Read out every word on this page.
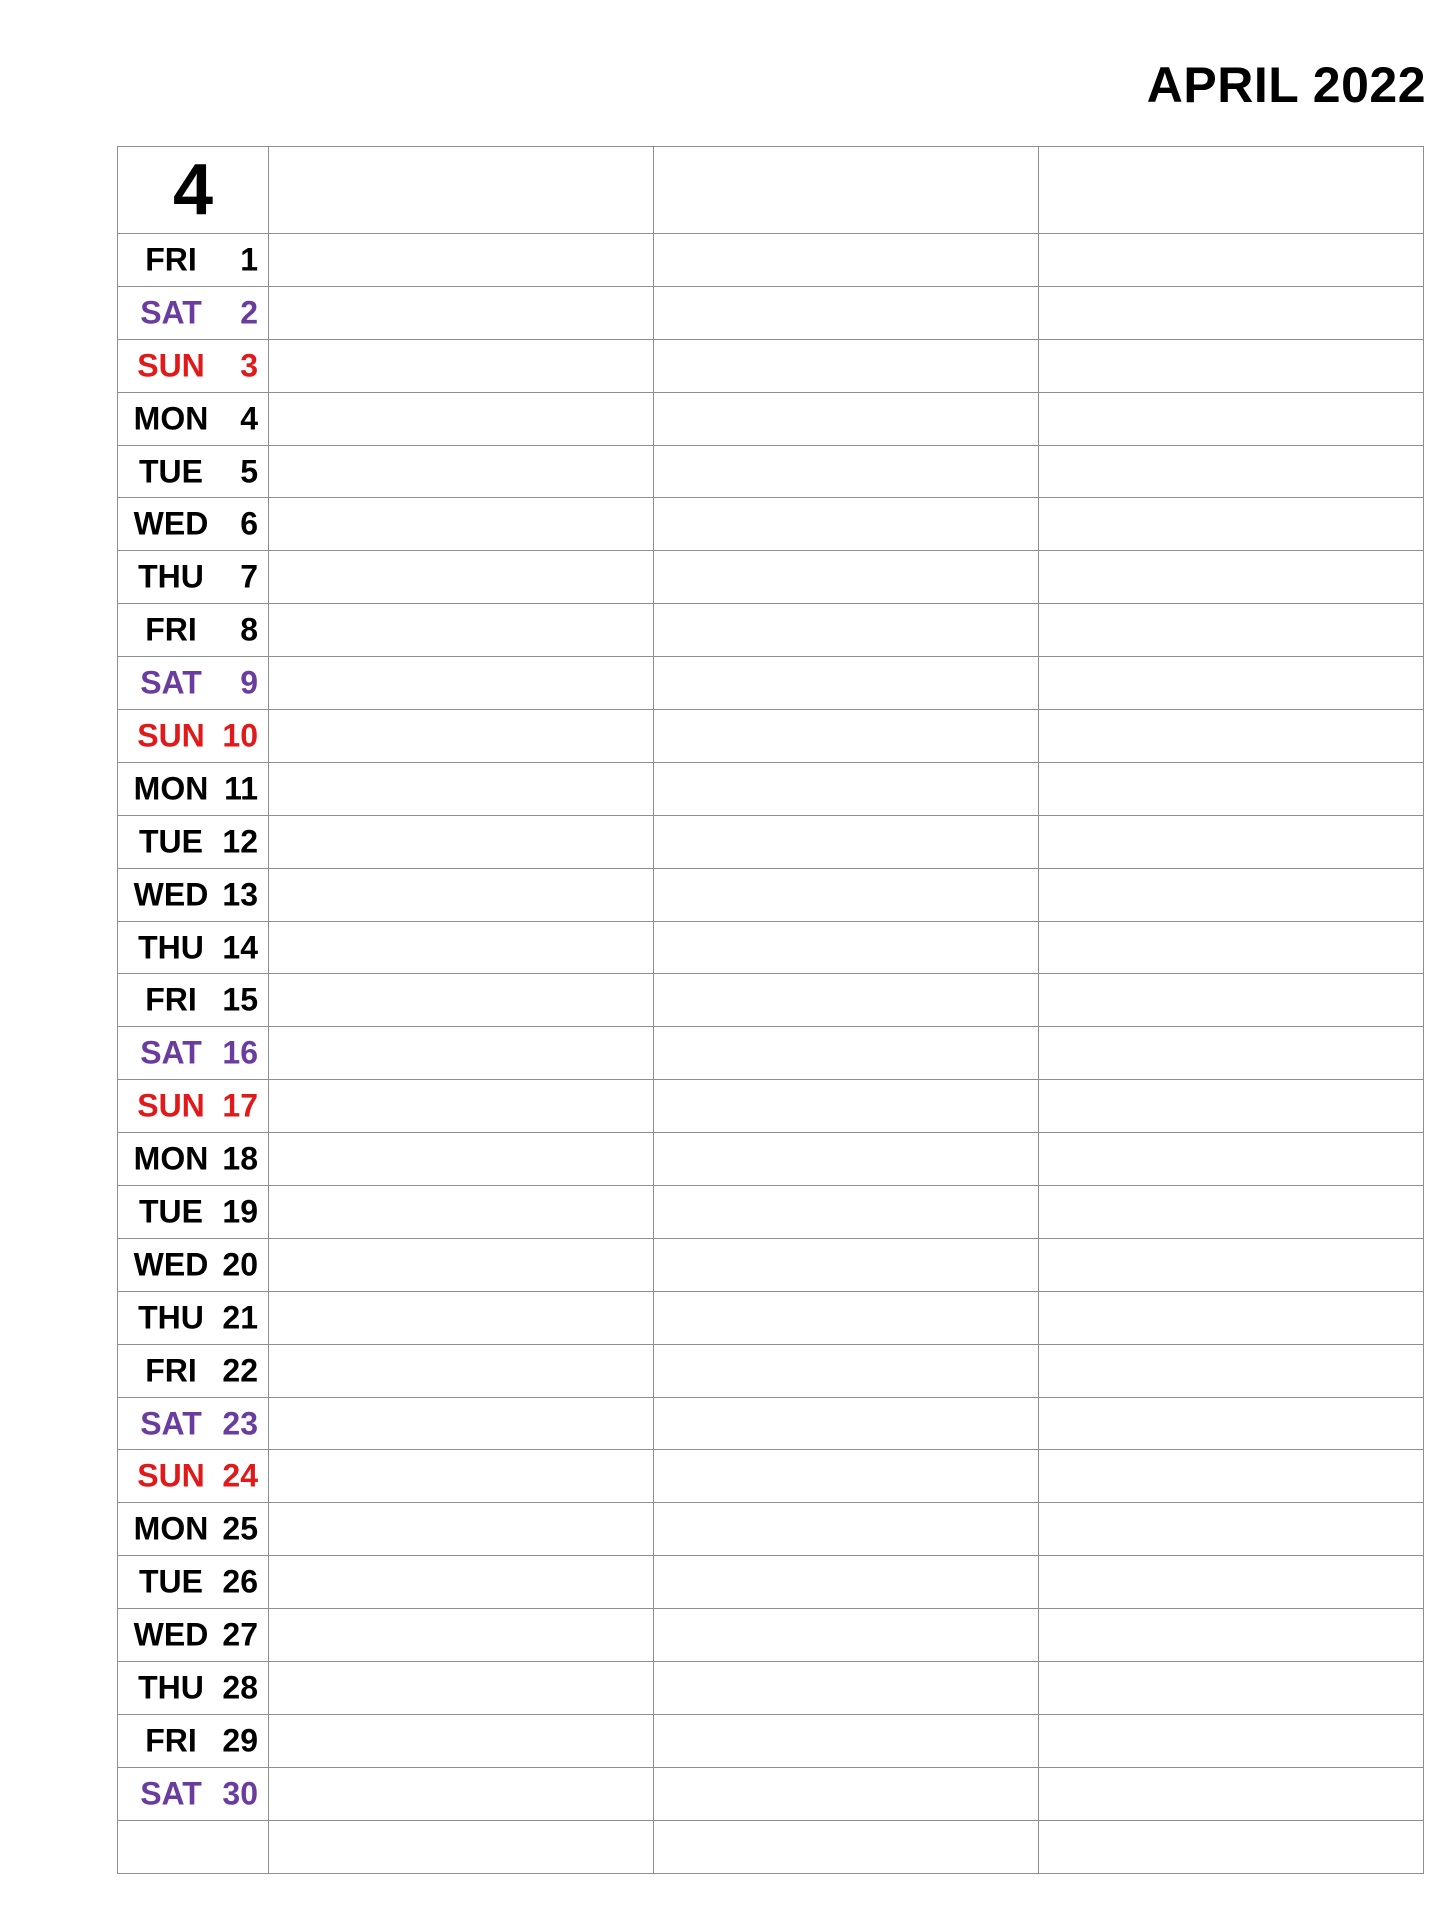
APRIL 2022
4			

FRI 1			

SAT 2			

SUN 3			

MON 4			

TUE 5			

WED 6			

THU 7			

FRI 8			

SAT 9			

SUN 10			

MON 11			

TUE 12			

WED 13			

THU 14			

FRI 15			

SAT 16			

SUN 17			

MON 18			

TUE 19			

WED 20			

THU 21			

FRI 22			

SAT 23			

SUN 24			

MON 25			

TUE 26			

WED 27			

THU 28			

FRI 29			

SAT 30			
